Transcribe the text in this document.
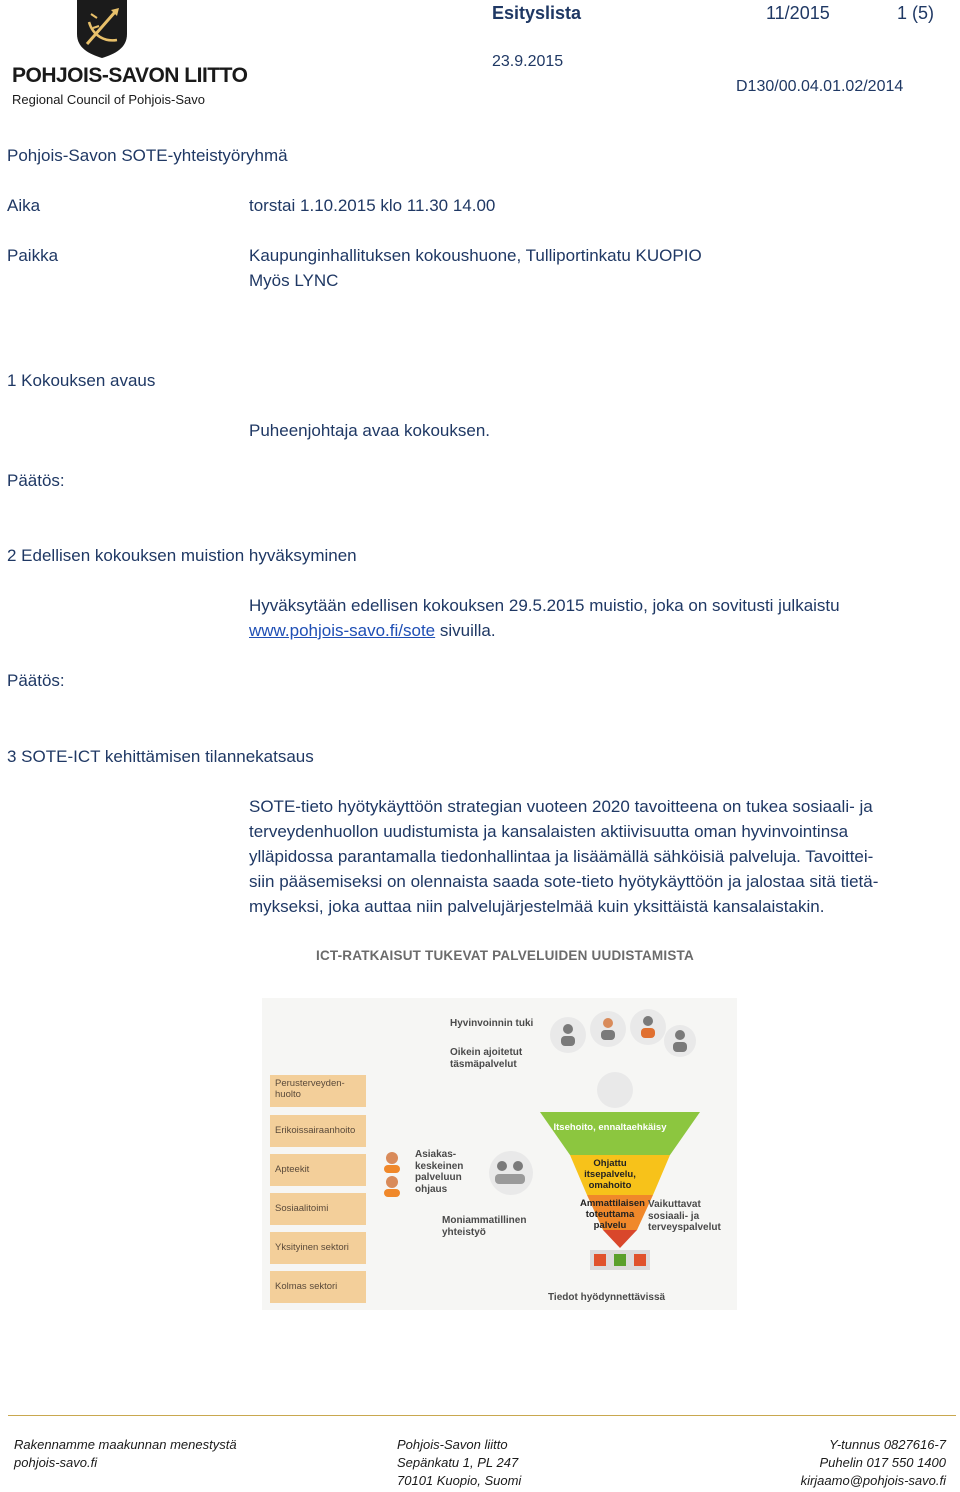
POHJOIS-SAVON LIITTO
Regional Council of Pohjois-Savo
Esityslista	11/2015	1 (5)
23.9.2015
D130/00.04.01.02/2014
Pohjois-Savon SOTE-yhteistyöryhmä
Aika	torstai 1.10.2015 klo 11.30 14.00
Paikka	Kaupunginhallituksen kokoushuone, Tulliportinkatu KUOPIO
Myös LYNC
1 Kokouksen avaus
Puheenjohtaja avaa kokouksen.
Päätös:
2 Edellisen kokouksen muistion hyväksyminen
Hyväksytään edellisen kokouksen 29.5.2015 muistio, joka on sovitusti julkaistu
www.pohjois-savo.fi/sote sivuilla.
Päätös:
3 SOTE-ICT kehittämisen tilannekatsaus
SOTE-tieto hyötykäyttöön strategian vuoteen 2020 tavoitteena on tukea sosiaali- ja
terveydenhuollon uudistumista ja kansalaisten aktiivisuutta oman hyvinvointinsa
ylläpidossa parantamalla tiedonhallintaa ja lisäämällä sähköisiä palveluja. Tavoittei-
siin pääsemiseksi on olennaista saada sote-tieto hyötykäyttöön ja jalostaa sitä tietä-
mykseksi, joka auttaa niin palvelujärjestelmää kuin yksittäistä kansalaistakin.
ICT-RATKAISUT TUKEVAT PALVELUIDEN UUDISTAMISTA
Perusterveyden- huolto
Erikoissairaanhoito
Apteekit
Sosiaalitoimi
Yksityinen sektori
Kolmas sektori
Itsehoito, ennaltaehkäisy
Ohjattu itsepalvelu, omahoito
Ammattilaisen toteuttama palvelu
Hyvinvoinnin tuki
Oikein ajoitetut täsmäpalvelut
Asiakas- keskeinen palveluun ohjaus
Moniammatillinen yhteistyö
Vaikuttavat sosiaali- ja terveyspalvelut
Tiedot hyödynnettävissä
Rakennamme maakunnan menestystä
pohjois-savo.fi
Pohjois-Savon liitto
Sepänkatu 1, PL 247
70101 Kuopio, Suomi
Y-tunnus 0827616-7
Puhelin 017 550 1400
kirjaamo@pohjois-savo.fi
